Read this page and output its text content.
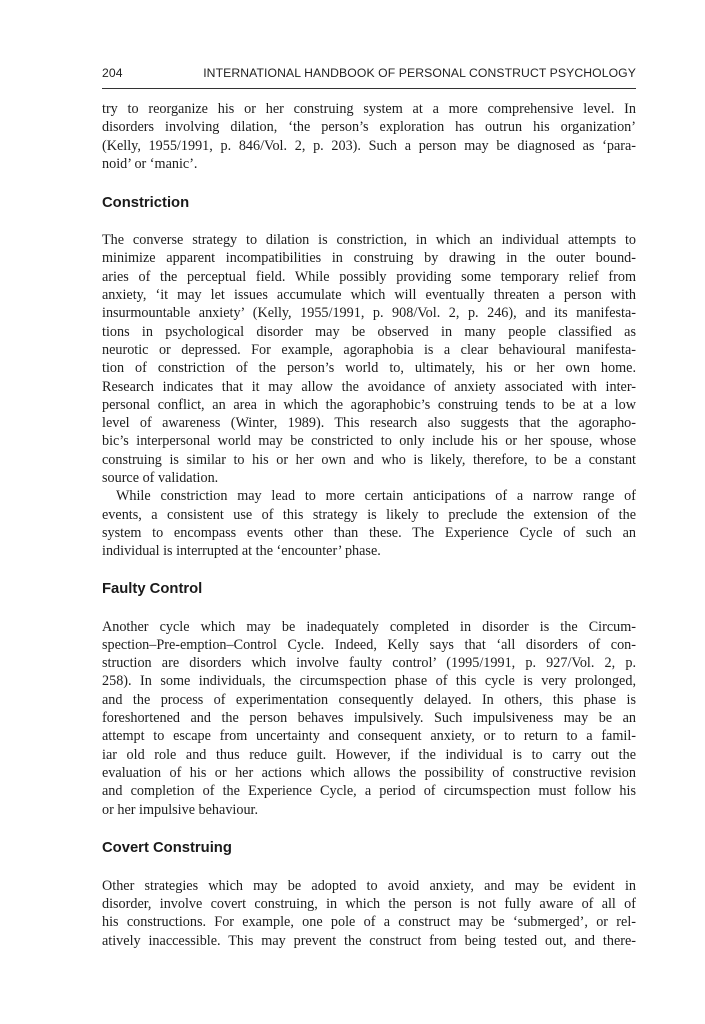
204	INTERNATIONAL HANDBOOK OF PERSONAL CONSTRUCT PSYCHOLOGY
try to reorganize his or her construing system at a more comprehensive level. In
disorders involving dilation, ‘the person’s exploration has outrun his organization’
(Kelly, 1955/1991, p. 846/Vol. 2, p. 203). Such a person may be diagnosed as ‘para-
noid’ or ‘manic’.
Constriction
The converse strategy to dilation is constriction, in which an individual attempts to
minimize apparent incompatibilities in construing by drawing in the outer bound-
aries of the perceptual field. While possibly providing some temporary relief from
anxiety, ‘it may let issues accumulate which will eventually threaten a person with
insurmountable anxiety’ (Kelly, 1955/1991, p. 908/Vol. 2, p. 246), and its manifesta-
tions in psychological disorder may be observed in many people classified as
neurotic or depressed. For example, agoraphobia is a clear behavioural manifesta-
tion of constriction of the person’s world to, ultimately, his or her own home.
Research indicates that it may allow the avoidance of anxiety associated with inter-
personal conflict, an area in which the agoraphobic’s construing tends to be at a low
level of awareness (Winter, 1989). This research also suggests that the agorapho-
bic’s interpersonal world may be constricted to only include his or her spouse, whose
construing is similar to his or her own and who is likely, therefore, to be a constant
source of validation.
While constriction may lead to more certain anticipations of a narrow range of
events, a consistent use of this strategy is likely to preclude the extension of the
system to encompass events other than these. The Experience Cycle of such an
individual is interrupted at the ‘encounter’ phase.
Faulty Control
Another cycle which may be inadequately completed in disorder is the Circum-
spection–Pre-emption–Control Cycle. Indeed, Kelly says that ‘all disorders of con-
struction are disorders which involve faulty control’ (1995/1991, p. 927/Vol. 2, p.
258). In some individuals, the circumspection phase of this cycle is very prolonged,
and the process of experimentation consequently delayed. In others, this phase is
foreshortened and the person behaves impulsively. Such impulsiveness may be an
attempt to escape from uncertainty and consequent anxiety, or to return to a famil-
iar old role and thus reduce guilt. However, if the individual is to carry out the
evaluation of his or her actions which allows the possibility of constructive revision
and completion of the Experience Cycle, a period of circumspection must follow his
or her impulsive behaviour.
Covert Construing
Other strategies which may be adopted to avoid anxiety, and may be evident in
disorder, involve covert construing, in which the person is not fully aware of all of
his constructions. For example, one pole of a construct may be ‘submerged’, or rel-
atively inaccessible. This may prevent the construct from being tested out, and there-
